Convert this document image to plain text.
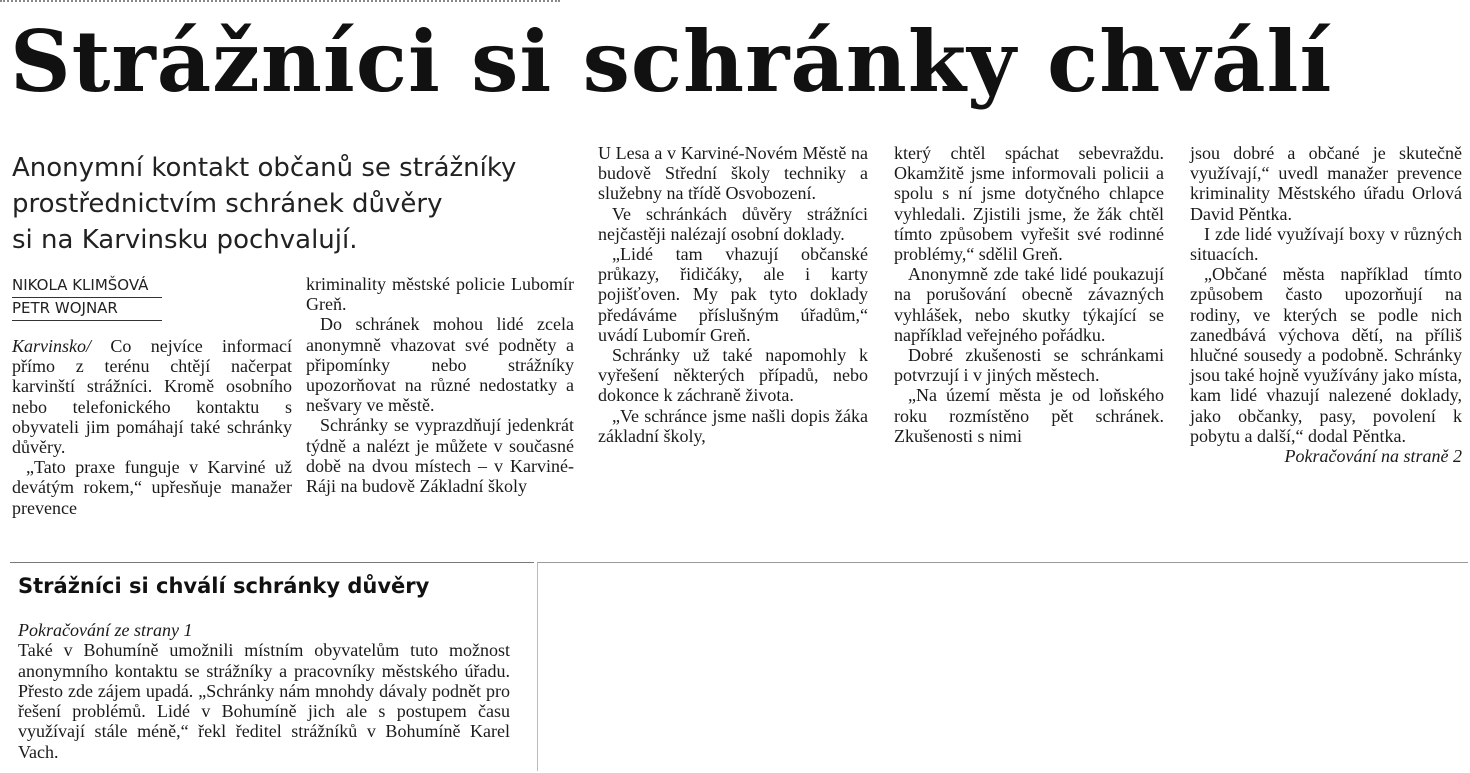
Strážníci si schránky chválí
Anonymní kontakt občanů se strážníky
prostřednictvím schránek důvěry
si na Karvinsku pochvalují.
NIKOLA KLIMŠOVÁ
PETR WOJNAR

Karvinsko/ Co nejvíce informací přímo z terénu chtějí načerpat karvinští strážníci. Kromě osobního nebo telefonického kontaktu s obyvateli jim pomáhají také schránky důvěry.

„Tato praxe funguje v Karviné už devátým rokem,“ upřesňuje manažer prevence

kriminality městské policie Lubomír Greň.

Do schránek mohou lidé zcela anonymně vhazovat své podněty a připomínky nebo strážníky upozorňovat na různé nedostatky a nešvary ve městě.

Schránky se vyprazdňují jedenkrát týdně a nalézt je můžete v současné době na dvou místech – v Karviné-Ráji na budově Základní školy

U Lesa a v Karviné-Novém Městě na budově Střední školy techniky a služebny na třídě Osvobození.

Ve schránkách důvěry strážníci nejčastěji nalézají osobní doklady.

„Lidé tam vhazují občanské průkazy, řidičáky, ale i karty pojišťoven. My pak tyto doklady předáváme příslušným úřadům,“ uvádí Lubomír Greň.

Schránky už také napomohly k vyřešení některých případů, nebo dokonce k záchraně života.

„Ve schránce jsme našli dopis žáka základní školy,

který chtěl spáchat sebevraždu. Okamžitě jsme informovali policii a spolu s ní jsme dotyčného chlapce vyhledali. Zjistili jsme, že žák chtěl tímto způsobem vyřešit své rodinné problémy,“ sdělil Greň.

Anonymně zde také lidé poukazují na porušování obecně závazných vyhlášek, nebo skutky týkající se například veřejného pořádku.

Dobré zkušenosti se schránkami potvrzují i v jiných městech.

„Na území města je od loňského roku rozmístěno pět schránek. Zkušenosti s nimi

jsou dobré a občané je skutečně využívají,“ uvedl manažer prevence kriminality Městského úřadu Orlová David Pěntka.

I zde lidé využívají boxy v různých situacích.

„Občané města například tímto způsobem často upozorňují na rodiny, ve kterých se podle nich zanedbává výchova dětí, na příliš hlučné sousedy a podobně. Schránky jsou také hojně využívány jako místa, kam lidé vhazují nalezené doklady, jako občanky, pasy, povolení k pobytu a další,“ dodal Pěntka.

Pokračování na straně 2

Strážníci si chválí schránky důvěry

Pokračování ze strany 1

Také v Bohumíně umožnili místním obyvatelům tuto možnost anonymního kontaktu se strážníky a pracovníky městského úřadu. Přesto zde zájem upadá. „Schránky nám mnohdy dávaly podnět pro řešení problémů. Lidé v Bohumíně jich ale s postupem času využívají stále méně,“ řekl ředitel strážníků v Bohumíně Karel Vach.
